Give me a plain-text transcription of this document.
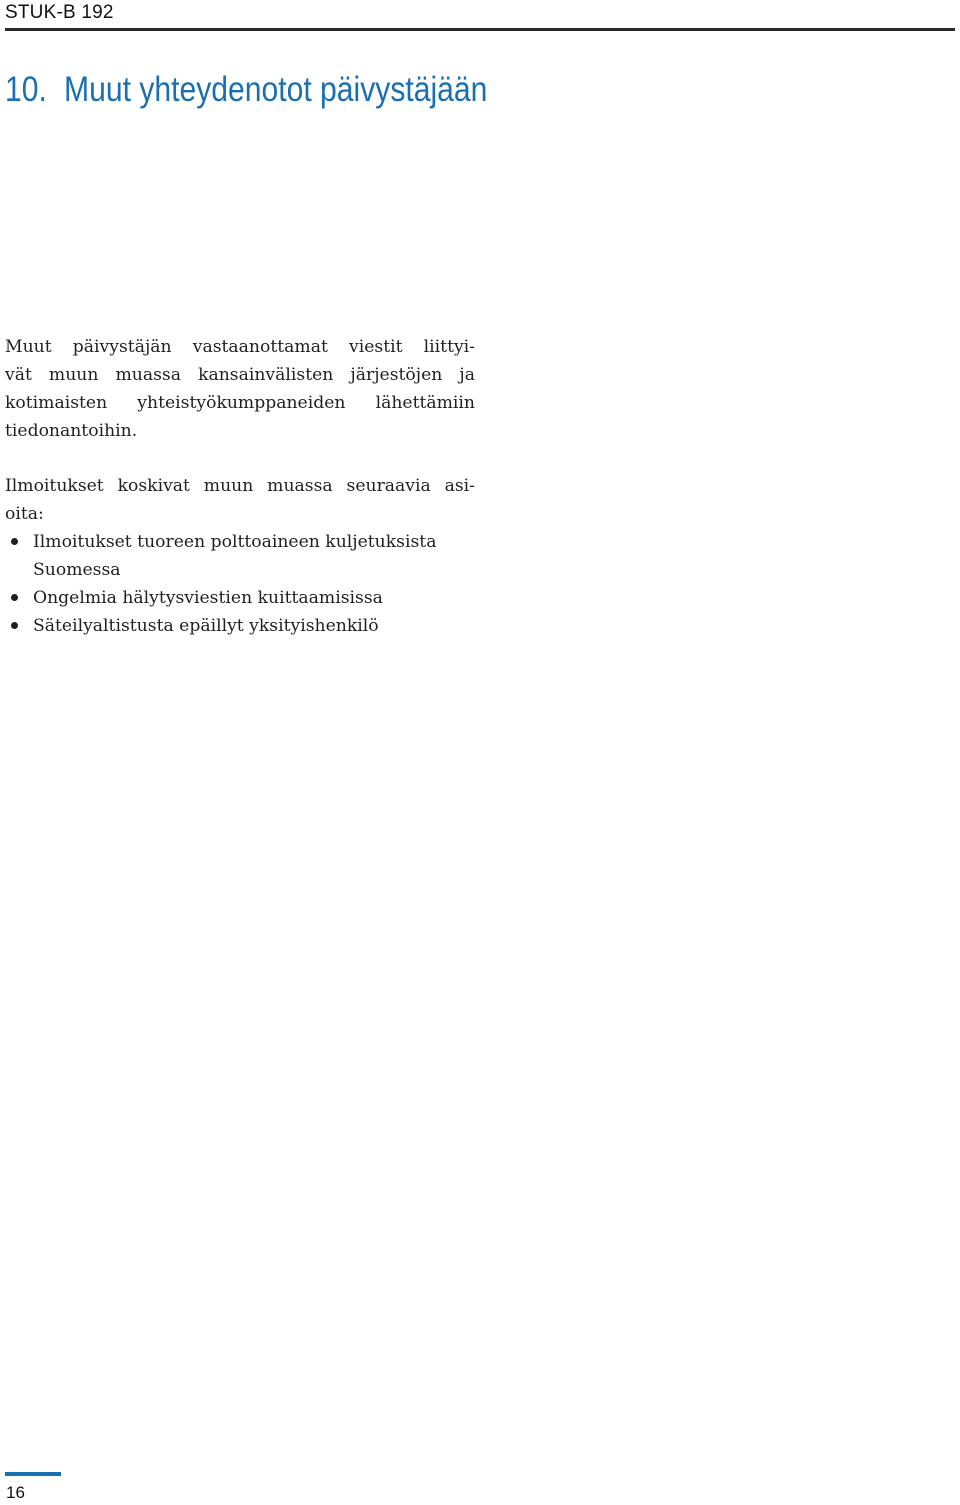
STUK-B 192
10. Muut yhteydenotot päivystäjään

Muut päivystäjän vastaanottamat viestit liittyi-
vät muun muassa kansainvälisten järjestöjen ja
kotimaisten yhteistyökumppaneiden lähettämiin
tiedonantoihin.

Ilmoitukset koskivat muun muassa seuraavia asi-
oita:

Ilmoitukset tuoreen polttoaineen kuljetuksista
Suomessa
Ongelmia hälytysviestien kuittaamisissa
Säteilyaltistusta epäillyt yksityishenkilö
16
